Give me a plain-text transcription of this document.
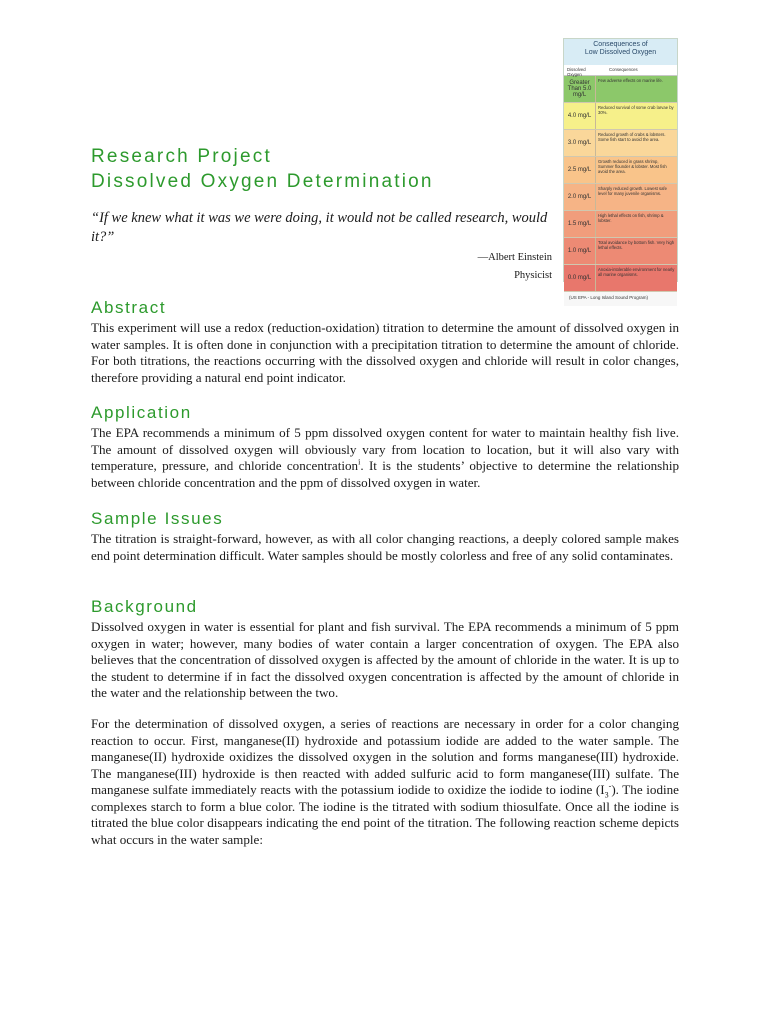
Research Project
Dissolved Oxygen Determination
“If we knew what it was we were doing, it would not be called research, would it?”
—Albert Einstein
Physicist
Consequences of
Low Dissolved Oxygen
Dissolved Oxygen
Consequences
Greater Than 5.0 mg/L
Few adverse effects on marine life.
4.0 mg/L
Reduced survival of some crab larvae by 30%.
3.0 mg/L
Reduced growth of crabs & lobsters. Some fish start to avoid the area.
2.5 mg/L
Growth reduced in grass shrimp, Summer flounder & lobster. Most fish avoid the area.
2.0 mg/L
Sharply reduced growth. Lowest safe level for many juvenile organisms.
1.5 mg/L
High lethal effects on fish, shrimp & lobster.
1.0 mg/L
Total avoidance by bottom fish. Very high lethal effects.
0.0 mg/L
Anoxia-intolerable environment for nearly all marine organisms.
(US EPA - Long Island Sound Program)
Abstract
This experiment will use a redox (reduction-oxidation) titration to determine the amount of dissolved oxygen in water samples. It is often done in conjunction with a precipitation titration to determine the amount of chloride. For both titrations, the reactions occurring with the dissolved oxygen and chloride will result in color changes, therefore providing a natural end point indicator.
Application
The EPA recommends a minimum of 5 ppm dissolved oxygen content for water to maintain healthy fish live. The amount of dissolved oxygen will obviously vary from location to location, but it will also vary with temperature, pressure, and chloride concentration$^i$. It is the students’ objective to determine the relationship between chloride concentration and the ppm of dissolved oxygen in water.
Sample Issues
The titration is straight-forward, however, as with all color changing reactions, a deeply colored sample makes end point determination difficult. Water samples should be mostly colorless and free of any solid contaminates.
Background
Dissolved oxygen in water is essential for plant and fish survival. The EPA recommends a minimum of 5 ppm oxygen in water; however, many bodies of water contain a larger concentration of oxygen. The EPA also believes that the concentration of dissolved oxygen is affected by the amount of chloride in the water. It is up to the student to determine if in fact the dissolved oxygen concentration is affected by the amount of chloride in the water and the relationship between the two.
For the determination of dissolved oxygen, a series of reactions are necessary in order for a color changing reaction to occur. First, manganese(II) hydroxide and potassium iodide are added to the water sample. The manganese(II) hydroxide oxidizes the dissolved oxygen in the solution and forms manganese(III) hydroxide. The manganese(III) hydroxide is then reacted with added sulfuric acid to form manganese(III) sulfate. The manganese sulfate immediately reacts with the potassium iodide to oxidize the iodide to iodine $(I_3^-)$. The iodine complexes starch to form a blue color. The iodine is the titrated with sodium thiosulfate. Once all the iodine is titrated the blue color disappears indicating the end point of the titration. The following reaction scheme depicts what occurs in the water sample:
